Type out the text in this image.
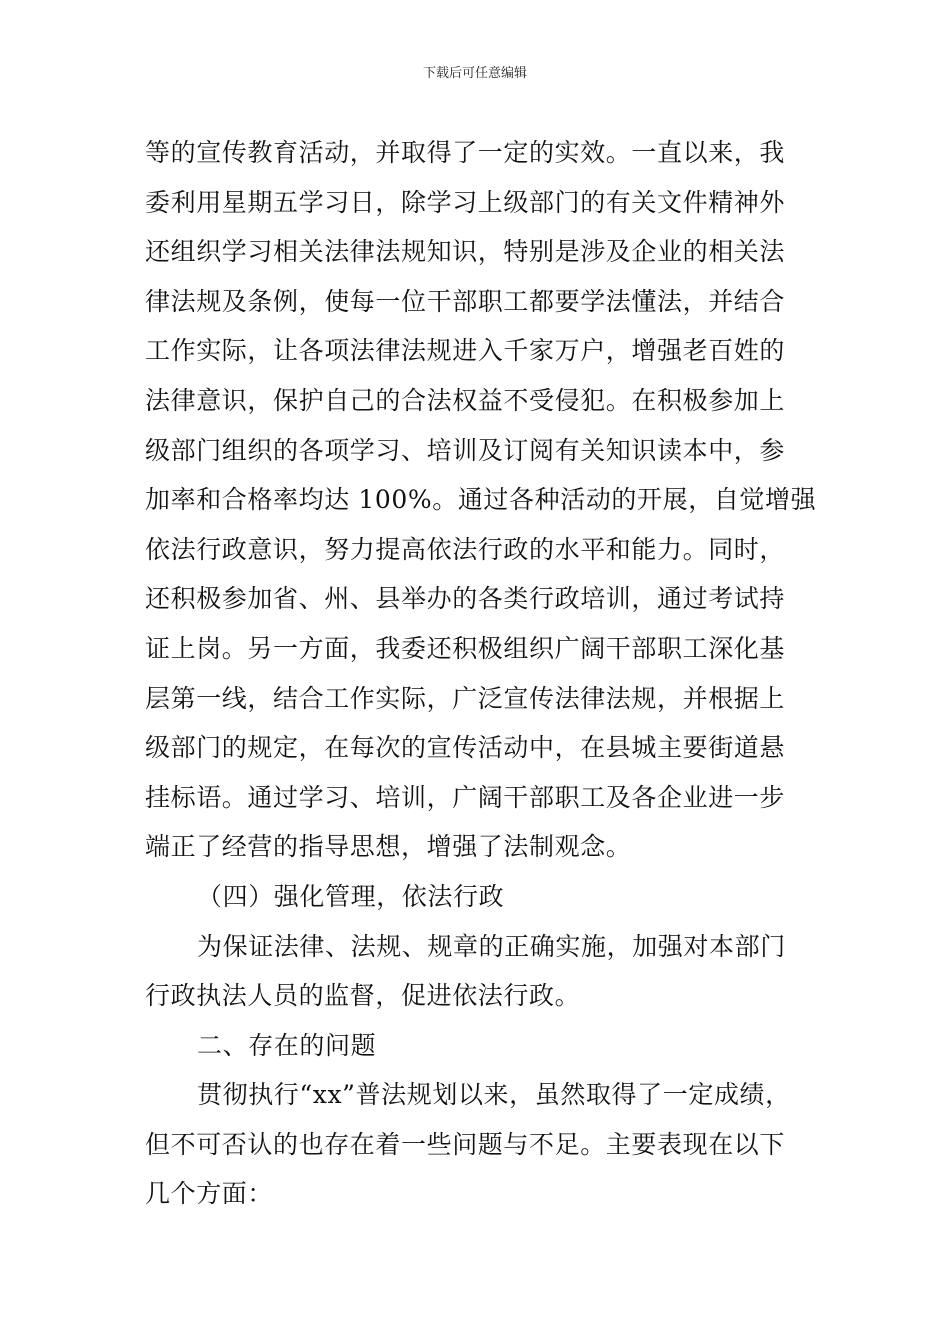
下载后可任意编辑
等的宣传教育活动，并取得了一定的实效。一直以来，我
委利用星期五学习日，除学习上级部门的有关文件精神外
还组织学习相关法律法规知识，特别是涉及企业的相关法
律法规及条例，使每一位干部职工都要学法懂法，并结合
工作实际，让各项法律法规进入千家万户，增强老百姓的
法律意识，保护自己的合法权益不受侵犯。在积极参加上
级部门组织的各项学习、培训及订阅有关知识读本中，参
加率和合格率均达 100%。通过各种活动的开展，自觉增强
依法行政意识，努力提高依法行政的水平和能力。同时，
还积极参加省、州、县举办的各类行政培训，通过考试持
证上岗。另一方面，我委还积极组织广阔干部职工深化基
层第一线，结合工作实际，广泛宣传法律法规，并根据上
级部门的规定，在每次的宣传活动中，在县城主要街道悬
挂标语。通过学习、培训，广阔干部职工及各企业进一步
端正了经营的指导思想，增强了法制观念。
（四）强化管理，依法行政
为保证法律、法规、规章的正确实施，加强对本部门
行政执法人员的监督，促进依法行政。
二、存在的问题
贯彻执行“xx”普法规划以来，虽然取得了一定成绩，
但不可否认的也存在着一些问题与不足。主要表现在以下
几个方面：
